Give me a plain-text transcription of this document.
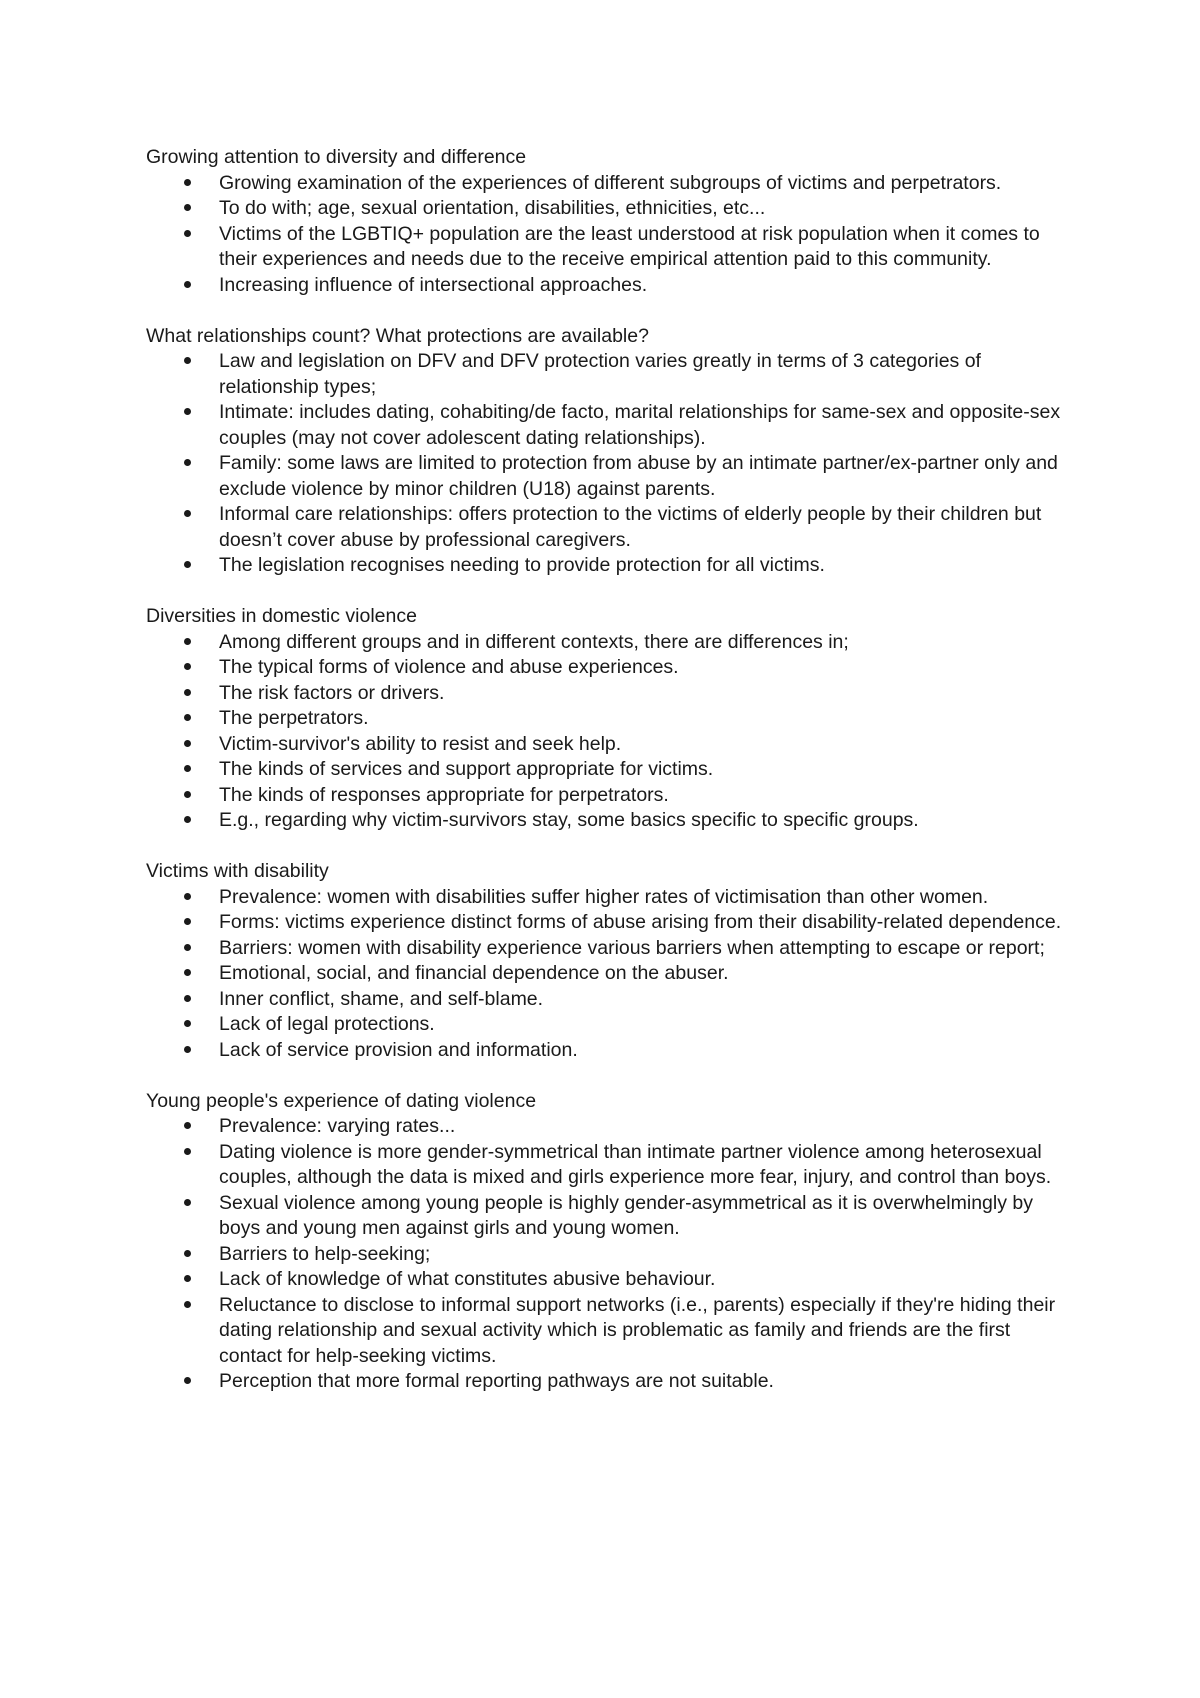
Growing attention to diversity and difference

Growing examination of the experiences of different subgroups of victims and perpetrators.
To do with; age, sexual orientation, disabilities, ethnicities, etc...
Victims of the LGBTIQ+ population are the least understood at risk population when it comes to their experiences and needs due to the receive empirical attention paid to this community.
Increasing influence of intersectional approaches.

What relationships count? What protections are available?

Law and legislation on DFV and DFV protection varies greatly in terms of 3 categories of relationship types;
Intimate: includes dating, cohabiting/de facto, marital relationships for same-sex and opposite-sex couples (may not cover adolescent dating relationships).
Family: some laws are limited to protection from abuse by an intimate partner/ex-partner only and exclude violence by minor children (U18) against parents.
Informal care relationships: offers protection to the victims of elderly people by their children but doesn’t cover abuse by professional caregivers.
The legislation recognises needing to provide protection for all victims.

Diversities in domestic violence

Among different groups and in different contexts, there are differences in;
The typical forms of violence and abuse experiences.
The risk factors or drivers.
The perpetrators.
Victim-survivor's ability to resist and seek help.
The kinds of services and support appropriate for victims.
The kinds of responses appropriate for perpetrators.
E.g., regarding why victim-survivors stay, some basics specific to specific groups.

Victims with disability

Prevalence: women with disabilities suffer higher rates of victimisation than other women.
Forms: victims experience distinct forms of abuse arising from their disability-related dependence.
Barriers: women with disability experience various barriers when attempting to escape or report;
Emotional, social, and financial dependence on the abuser.
Inner conflict, shame, and self-blame.
Lack of legal protections.
Lack of service provision and information.

Young people's experience of dating violence

Prevalence: varying rates...
Dating violence is more gender-symmetrical than intimate partner violence among heterosexual couples, although the data is mixed and girls experience more fear, injury, and control than boys.
Sexual violence among young people is highly gender-asymmetrical as it is overwhelmingly by boys and young men against girls and young women.
Barriers to help-seeking;
Lack of knowledge of what constitutes abusive behaviour.
Reluctance to disclose to informal support networks (i.e., parents) especially if they're hiding their dating relationship and sexual activity which is problematic as family and friends are the first contact for help-seeking victims.
Perception that more formal reporting pathways are not suitable.
